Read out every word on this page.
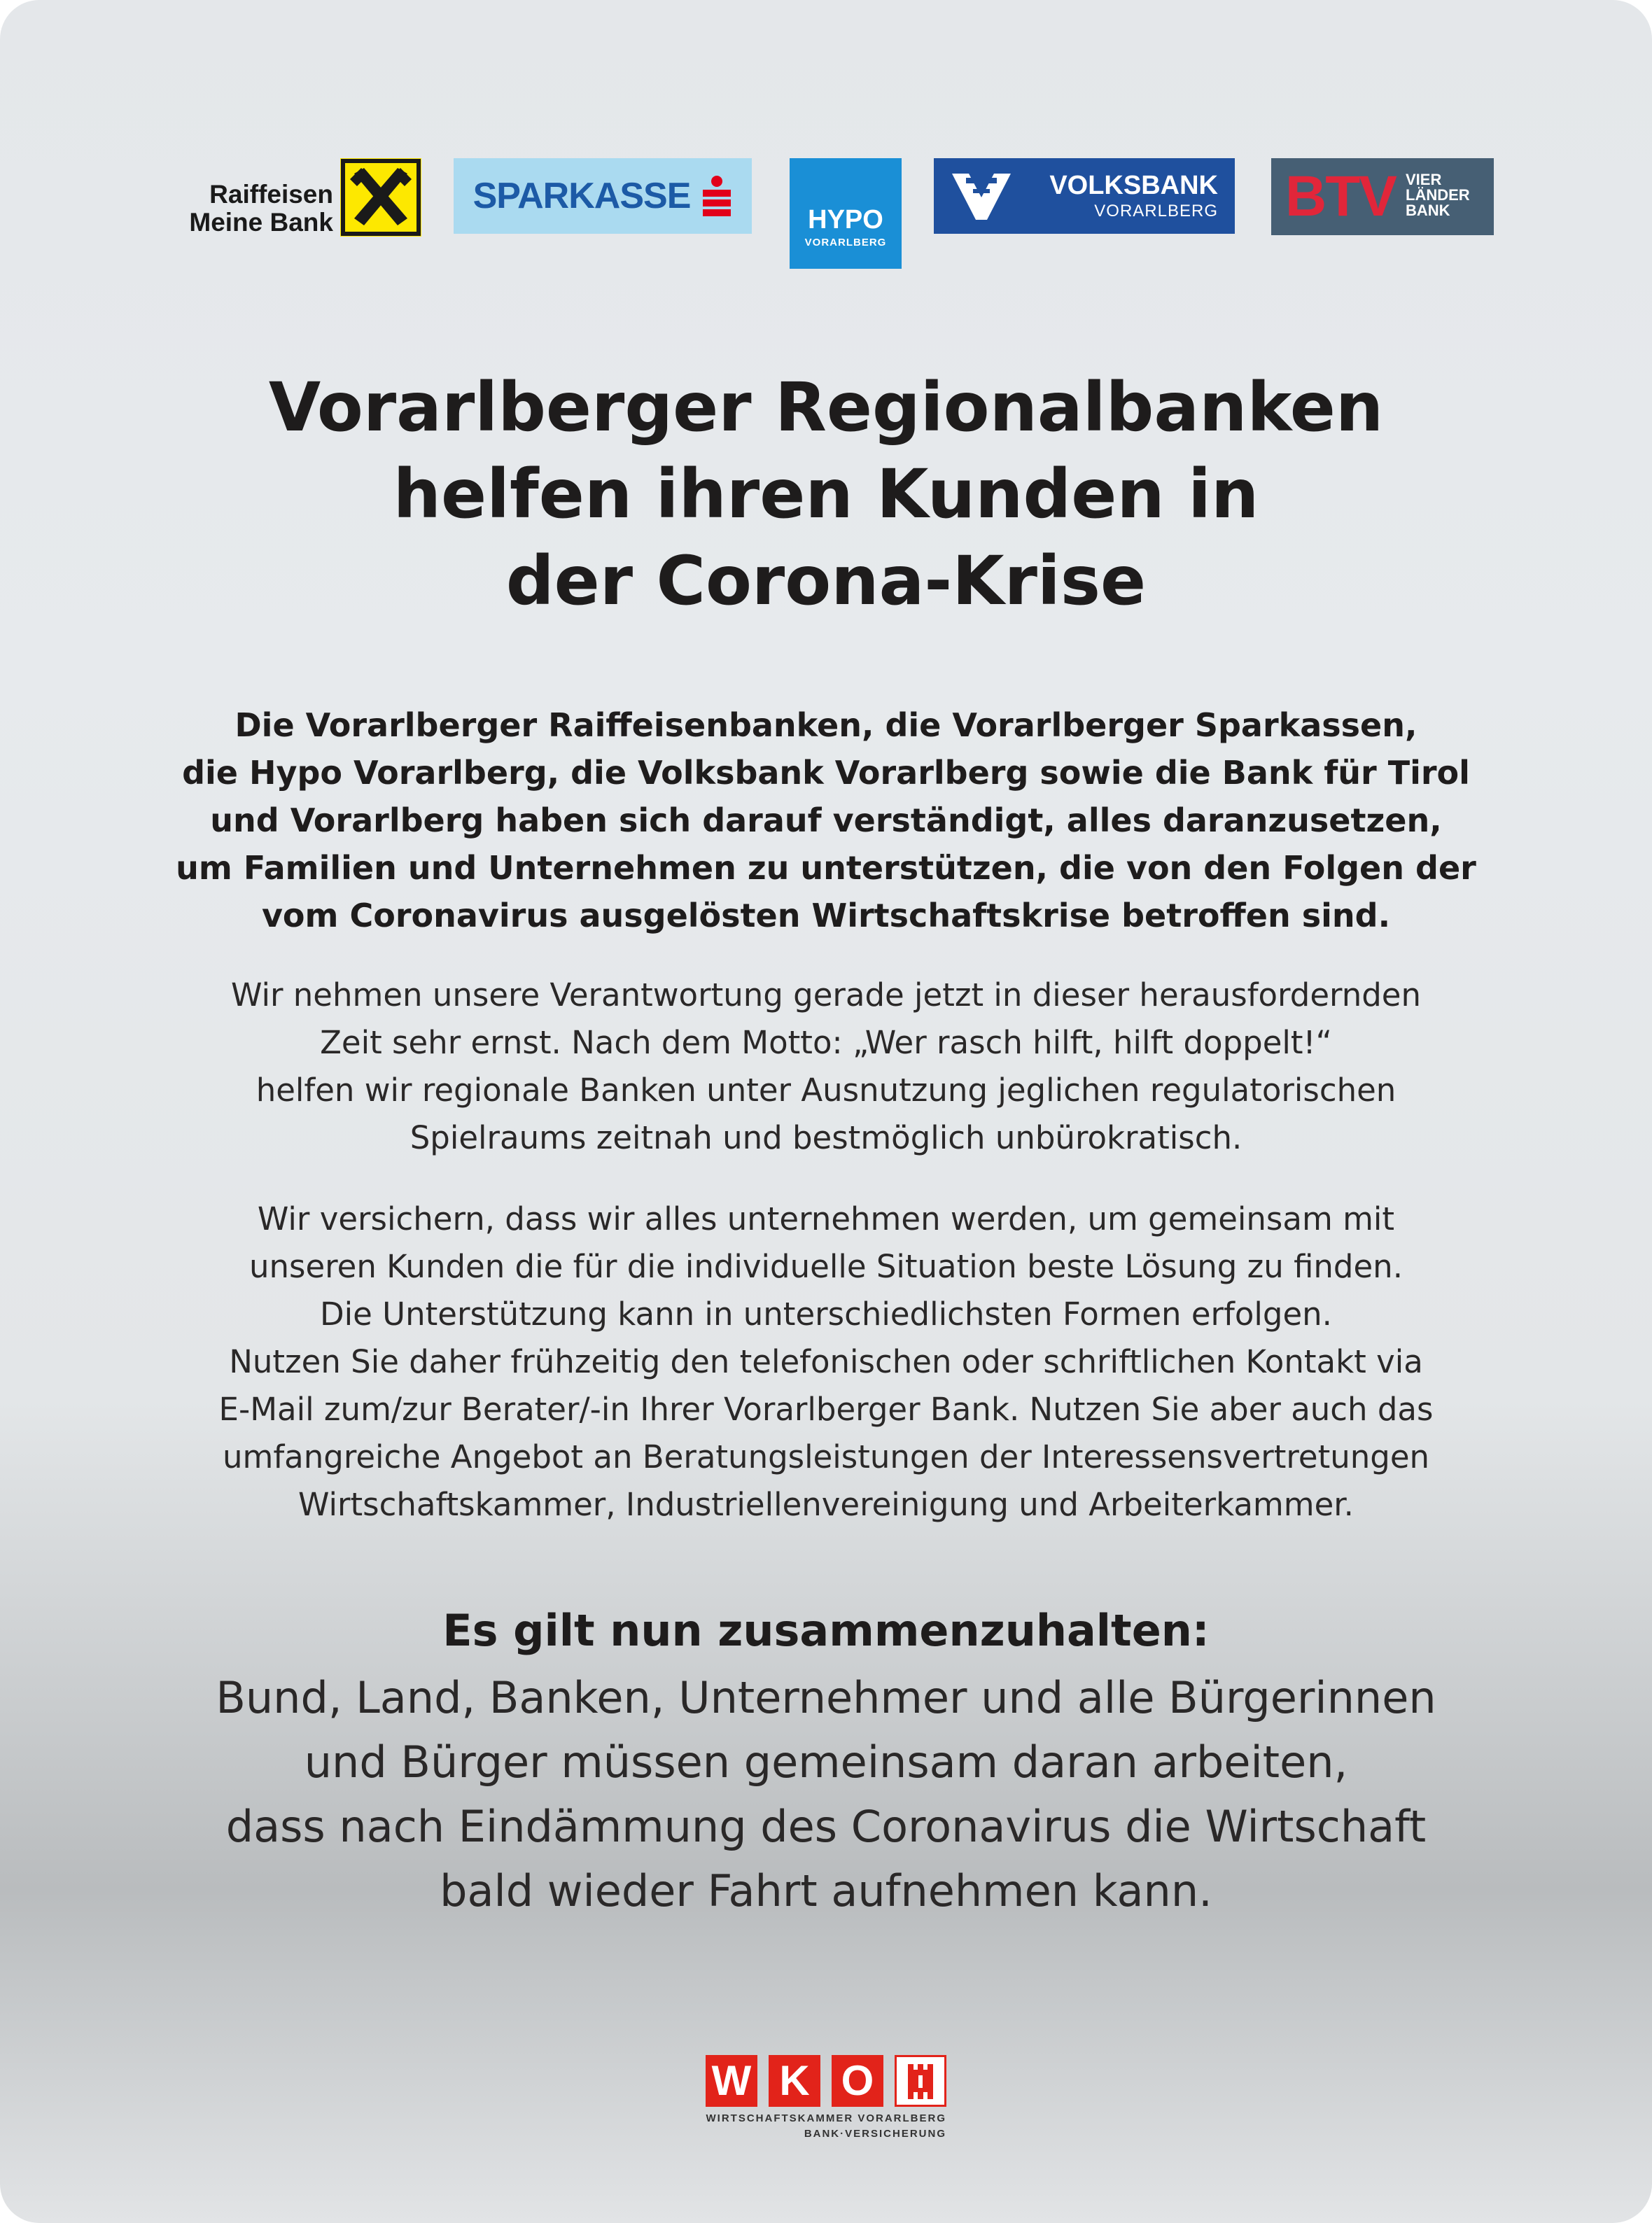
Raiffeisen
Meine Bank
SPARKASSE
HYPO
VORARLBERG
VOLKSBANK
VORARLBERG BTV VIER
LÄNDER
BANK
Vorarlberger Regionalbanken
helfen ihren Kunden in
der Corona-Krise
Die Vorarlberger Raiffeisenbanken, die Vorarlberger Sparkassen,
die Hypo Vorarlberg, die Volksbank Vorarlberg sowie die Bank für Tirol
und Vorarlberg haben sich darauf verständigt, alles daranzusetzen,
um Familien und Unternehmen zu unterstützen, die von den Folgen der
vom Coronavirus ausgelösten Wirtschaftskrise betroffen sind.
Wir nehmen unsere Verantwortung gerade jetzt in dieser herausfordernden
Zeit sehr ernst. Nach dem Motto: „Wer rasch hilft, hilft doppelt!“
helfen wir regionale Banken unter Ausnutzung jeglichen regulatorischen
Spielraums zeitnah und bestmöglich unbürokratisch.
Wir versichern, dass wir alles unternehmen werden, um gemeinsam mit
unseren Kunden die für die individuelle Situation beste Lösung zu finden.
Die Unterstützung kann in unterschiedlichsten Formen erfolgen.
Nutzen Sie daher frühzeitig den telefonischen oder schriftlichen Kontakt via
E-Mail zum/zur Berater/-in Ihrer Vorarlberger Bank. Nutzen Sie aber auch das
umfangreiche Angebot an Beratungsleistungen der Interessensvertretungen
Wirtschaftskammer, Industriellenvereinigung und Arbeiterkammer.
Es gilt nun zusammenzuhalten:
Bund, Land, Banken, Unternehmer und alle Bürgerinnen
und Bürger müssen gemeinsam daran arbeiten,
dass nach Eindämmung des Coronavirus die Wirtschaft
bald wieder Fahrt aufnehmen kann.
W K O
WIRTSCHAFTSKAMMER VORARLBERG
BANK·VERSICHERUNG
